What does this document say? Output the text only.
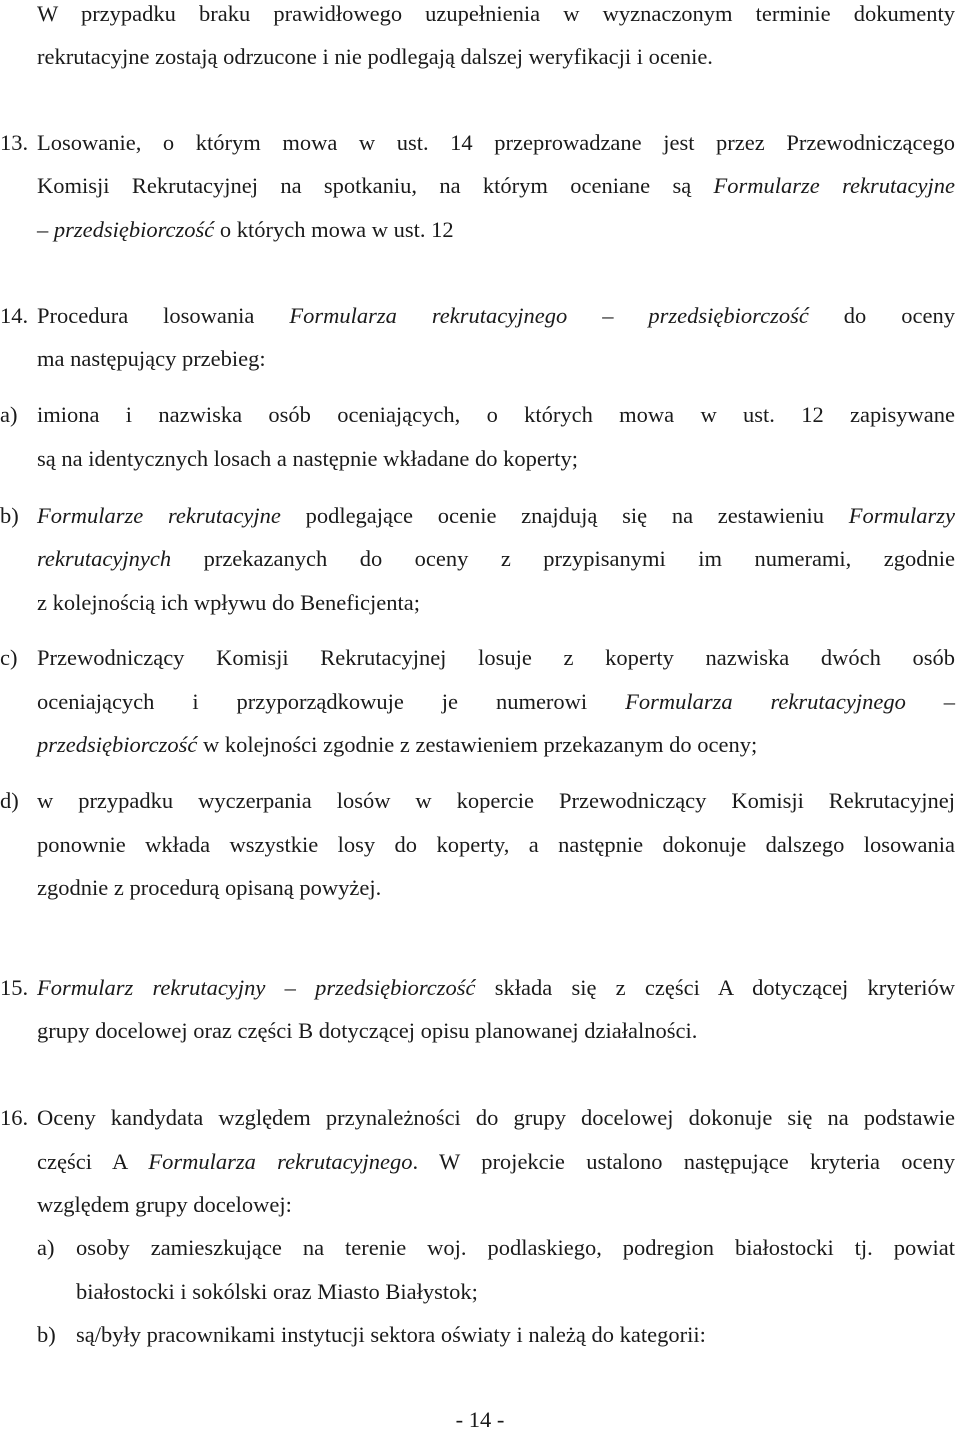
W przypadku braku prawidłowego uzupełnienia w wyznaczonym terminie dokumenty
rekrutacyjne zostają odrzucone i nie podlegają dalszej weryfikacji i ocenie.
13. Losowanie, o którym mowa w ust. 14 przeprowadzane jest przez Przewodniczącego
Komisji Rekrutacyjnej na spotkaniu, na którym oceniane są Formularze rekrutacyjne
– przedsiębiorczość o których mowa w ust. 12
14. Procedura losowania Formularza rekrutacyjnego – przedsiębiorczość do oceny
ma następujący przebieg:
a) imiona i nazwiska osób oceniających, o których mowa w ust. 12 zapisywane
są na identycznych losach a następnie wkładane do koperty;
b) Formularze rekrutacyjne podlegające ocenie znajdują się na zestawieniu Formularzy
rekrutacyjnych przekazanych do oceny z przypisanymi im numerami, zgodnie
z kolejnością ich wpływu do Beneficjenta;
c) Przewodniczący Komisji Rekrutacyjnej losuje z koperty nazwiska dwóch osób
oceniających i przyporządkowuje je numerowi Formularza rekrutacyjnego –
przedsiębiorczość w kolejności zgodnie z zestawieniem przekazanym do oceny;
d) w przypadku wyczerpania losów w kopercie Przewodniczący Komisji Rekrutacyjnej
ponownie wkłada wszystkie losy do koperty, a następnie dokonuje dalszego losowania
zgodnie z procedurą opisaną powyżej.
15. Formularz rekrutacyjny – przedsiębiorczość składa się z części A dotyczącej kryteriów
grupy docelowej oraz części B dotyczącej opisu planowanej działalności.
16. Oceny kandydata względem przynależności do grupy docelowej dokonuje się na podstawie
części A Formularza rekrutacyjnego. W projekcie ustalono następujące kryteria oceny
względem grupy docelowej:
a) osoby zamieszkujące na terenie woj. podlaskiego, podregion białostocki tj. powiat
białostocki i sokólski oraz Miasto Białystok;
b) są/były pracownikami instytucji sektora oświaty i należą do kategorii:
- 14 -
